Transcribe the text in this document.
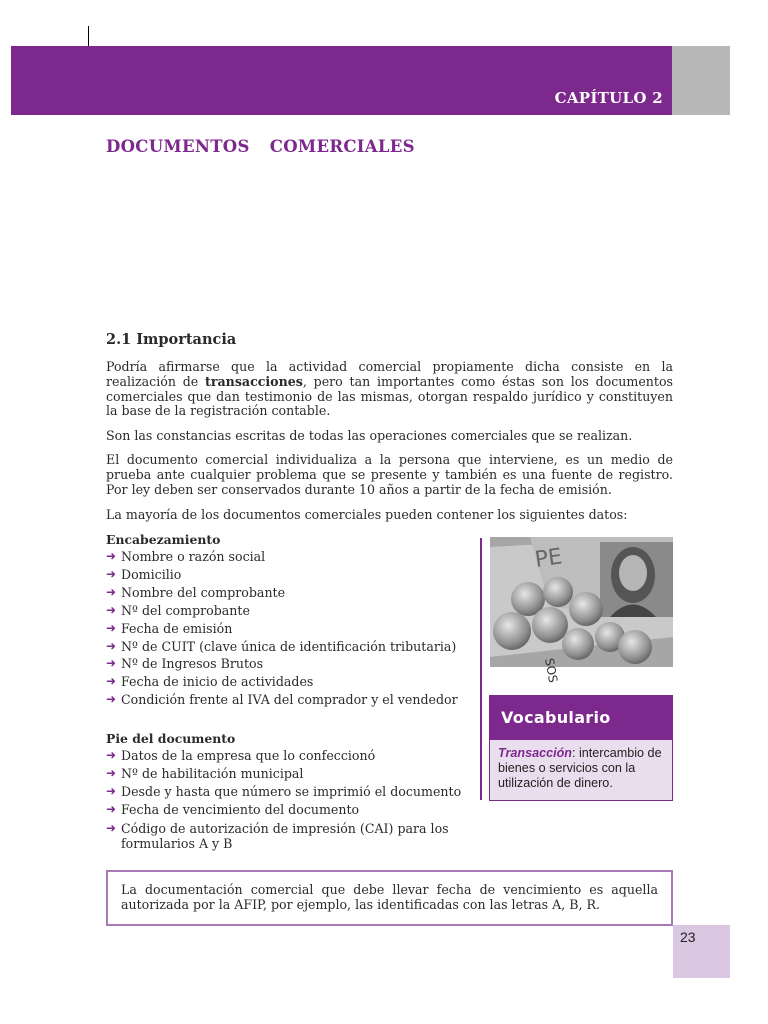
CAPÍTULO 2
DOCUMENTOS  COMERCIALES
2.1 Importancia

Podría afirmarse que la actividad comercial propiamente dicha consiste en la realización de transacciones, pero tan importantes como éstas son los documentos comerciales que dan testimonio de las mismas, otorgan respaldo jurídico y constituyen la base de la registración contable.

Son las constancias escritas de todas las operaciones comerciales que se realizan.

El documento comercial individualiza a la persona que interviene, es un medio de prueba ante cualquier problema que se presente y también es una fuente de registro. Por ley deben ser conservados durante 10 años a partir de la fecha de emisión.

La mayoría de los documentos comerciales pueden contener los siguientes datos:

Encabezamiento
➜ Nombre o razón social
➜ Domicilio
➜ Nombre del comprobante
➜ Nº del comprobante
➜ Fecha de emisión
➜ Nº de CUIT (clave única de identificación tributaria)
➜ Nº de Ingresos Brutos
➜ Fecha de inicio de actividades
➜ Condición frente al IVA del comprador y el vendedor
Pie del documento
➜ Datos de la empresa que lo confeccionó
➜ Nº de habilitación municipal
➜ Desde y hasta que número se imprimió el documento
➜ Fecha de vencimiento del documento
➜ Código de autorización de impresión (CAI) para los formularios A y B
PE
SOS
Vocabulario
Transacción: intercambio de bienes o servicios con la utilización de dinero.
La documentación comercial que debe llevar fecha de vencimiento es aquella autorizada por la AFIP, por ejemplo, las identificadas con las letras A, B, R.
23
